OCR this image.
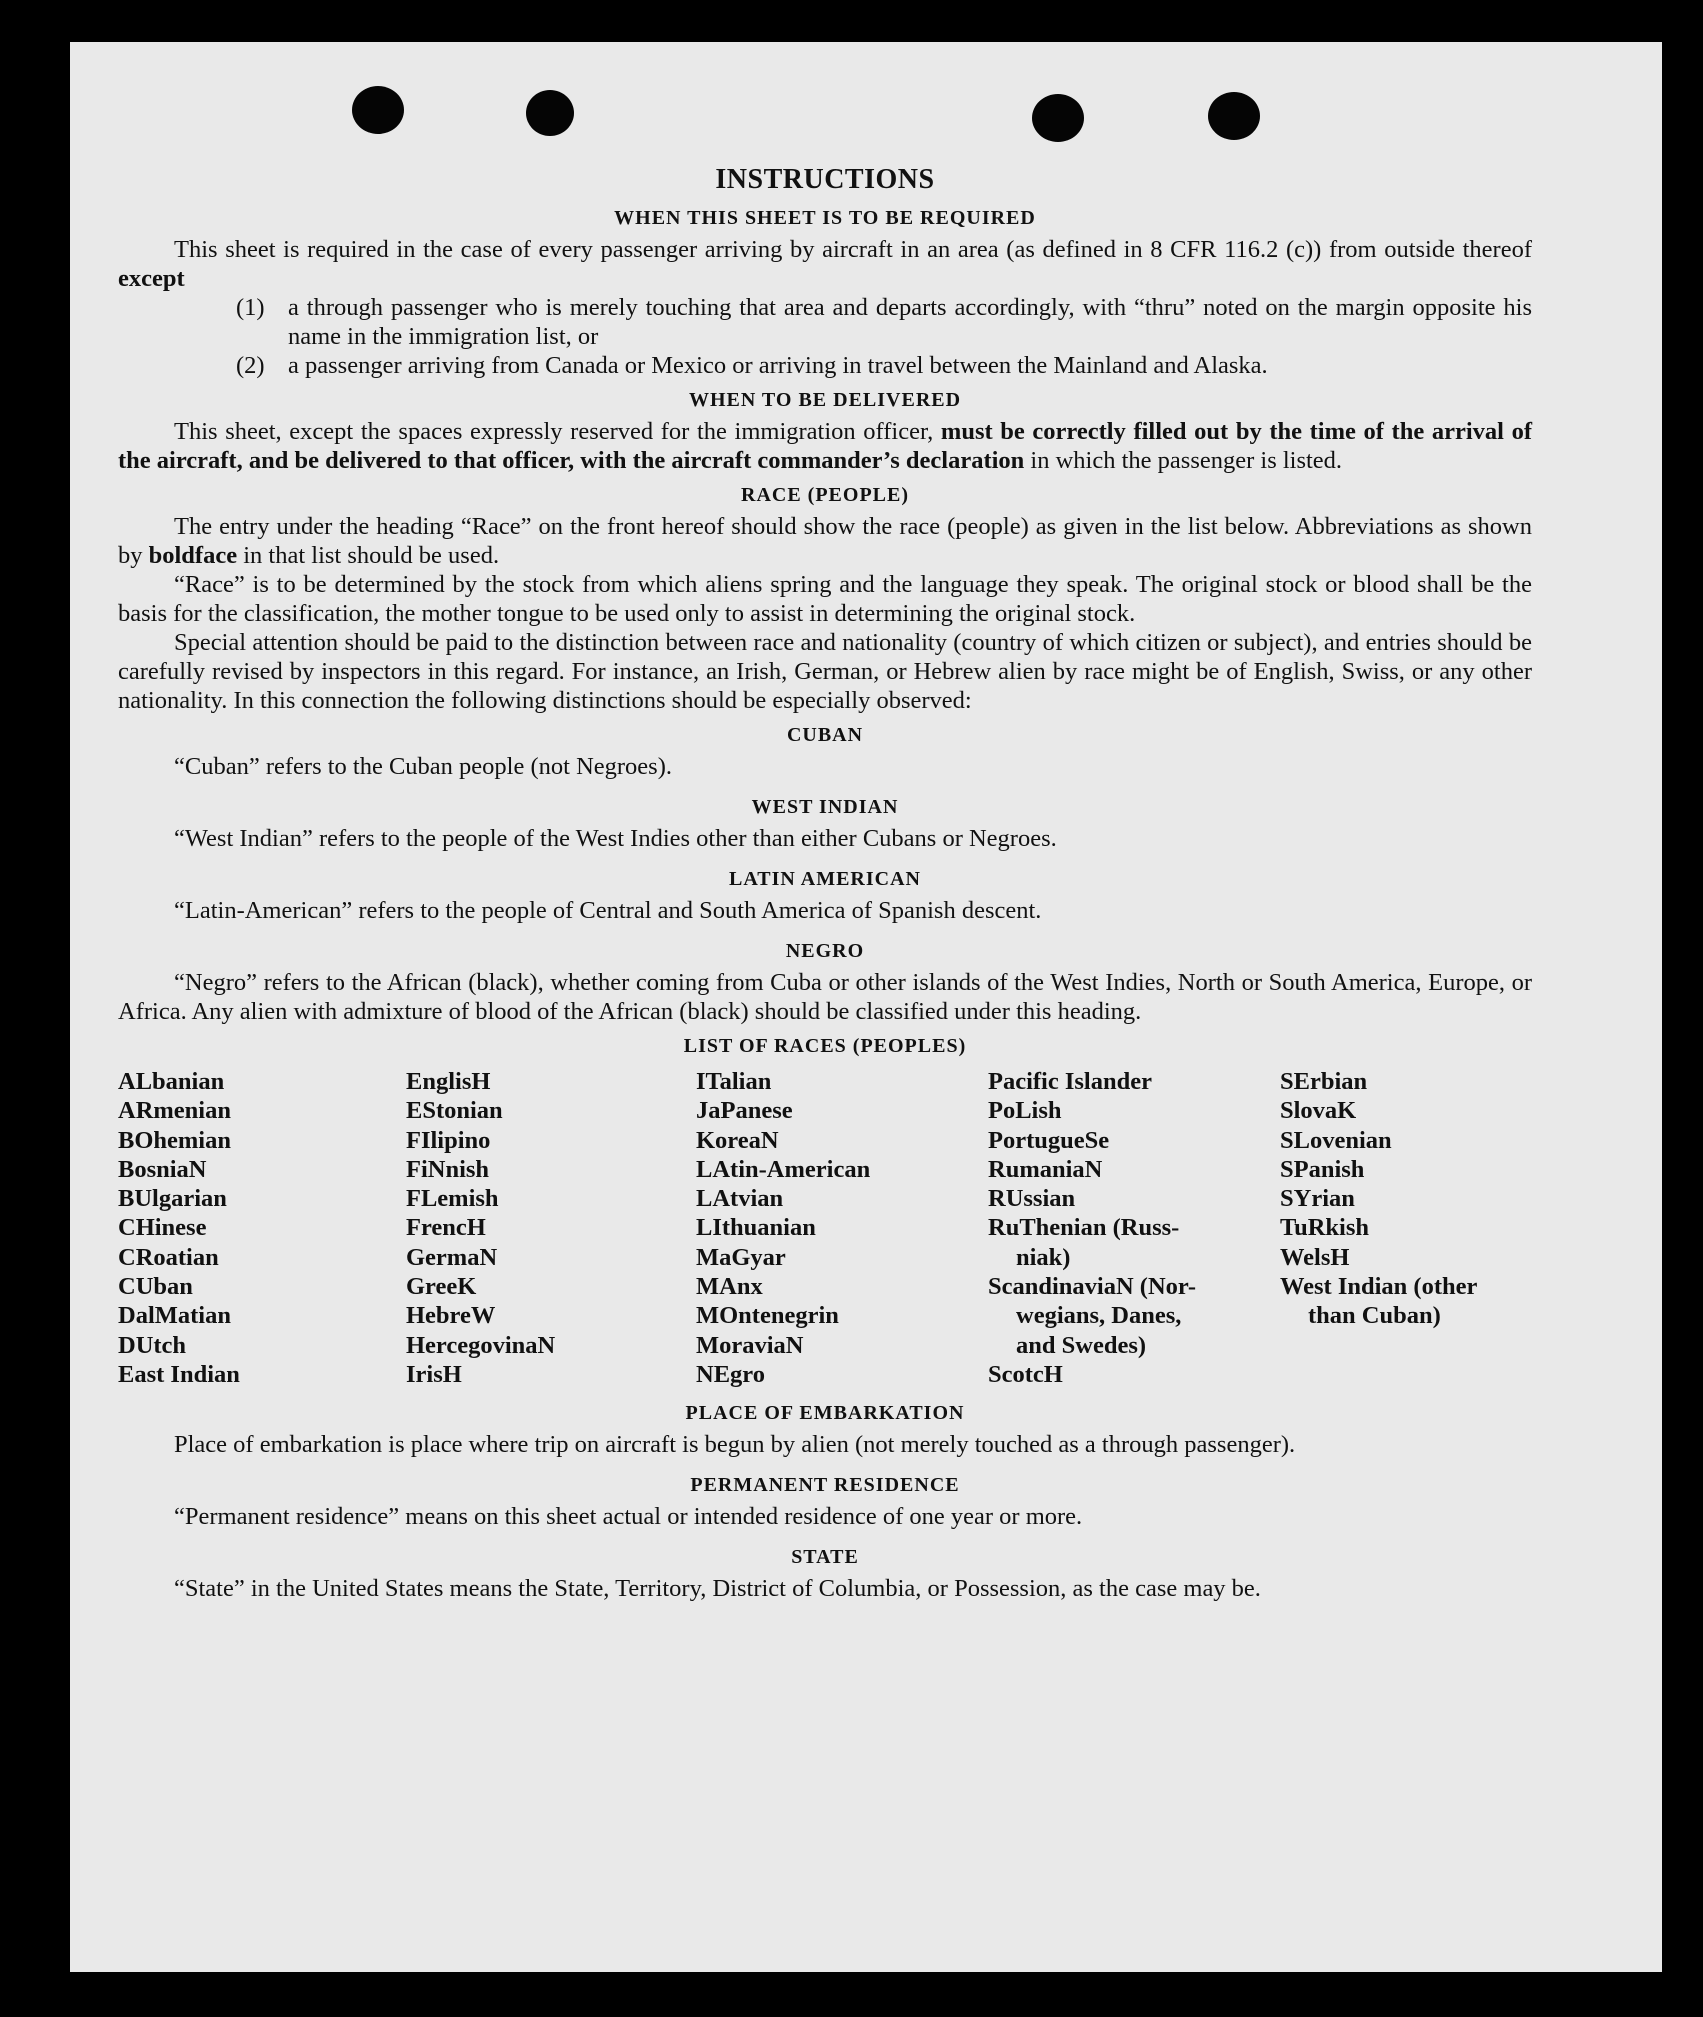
INSTRUCTIONS
WHEN THIS SHEET IS TO BE REQUIRED

This sheet is required in the case of every passenger arriving by aircraft in an area (as defined in 8 CFR 116.2 (c)) from outside thereof except

(1) a through passenger who is merely touching that area and departs accordingly, with “thru” noted on the margin opposite his name in the immigration list, or
(2) a passenger arriving from Canada or Mexico or arriving in travel between the Mainland and Alaska.
WHEN TO BE DELIVERED

This sheet, except the spaces expressly reserved for the immigration officer, must be correctly filled out by the time of the arrival of the aircraft, and be delivered to that officer, with the aircraft commander’s declaration in which the passenger is listed.

RACE (PEOPLE)

The entry under the heading “Race” on the front hereof should show the race (people) as given in the list below. Abbreviations as shown by boldface in that list should be used.

“Race” is to be determined by the stock from which aliens spring and the language they speak. The original stock or blood shall be the basis for the classification, the mother tongue to be used only to assist in determining the original stock.

Special attention should be paid to the distinction between race and nationality (country of which citizen or subject), and entries should be carefully revised by inspectors in this regard. For instance, an Irish, German, or Hebrew alien by race might be of English, Swiss, or any other nationality. In this connection the following distinctions should be especially observed:

CUBAN

“Cuban” refers to the Cuban people (not Negroes).

WEST INDIAN

“West Indian” refers to the people of the West Indies other than either Cubans or Negroes.

LATIN AMERICAN

“Latin-American” refers to the people of Central and South America of Spanish descent.

NEGRO

“Negro” refers to the African (black), whether coming from Cuba or other islands of the West Indies, North or South America, Europe, or Africa. Any alien with admixture of blood of the African (black) should be classified under this heading.

LIST OF RACES (PEOPLES)
ALbanian
ARmenian
BOhemian
BosniaN
BUlgarian
CHinese
CRoatian
CUban
DalMatian
DUtch
East Indian
EnglisH
EStonian
FIlipino
FiNnish
FLemish
FrencH
GermaN
GreeK
HebreW
HercegovinaN
IrisH
ITalian
JaPanese
KoreaN
LAtin-American
LAtvian
LIthuanian
MaGyar
MAnx
MOntenegrin
MoraviaN
NEgro
Pacific Islander
PoLish
PortugueSe
RumaniaN
RUssian
RuThenian (Russ-
niak)
ScandinaviaN (Nor-
wegians, Danes,
and Swedes)
ScotcH
SErbian
SlovaK
SLovenian
SPanish
SYrian
TuRkish
WelsH
West Indian (other
than Cuban)
PLACE OF EMBARKATION

Place of embarkation is place where trip on aircraft is begun by alien (not merely touched as a through passenger).

PERMANENT RESIDENCE

“Permanent residence” means on this sheet actual or intended residence of one year or more.

STATE

“State” in the United States means the State, Territory, District of Columbia, or Possession, as the case may be.
